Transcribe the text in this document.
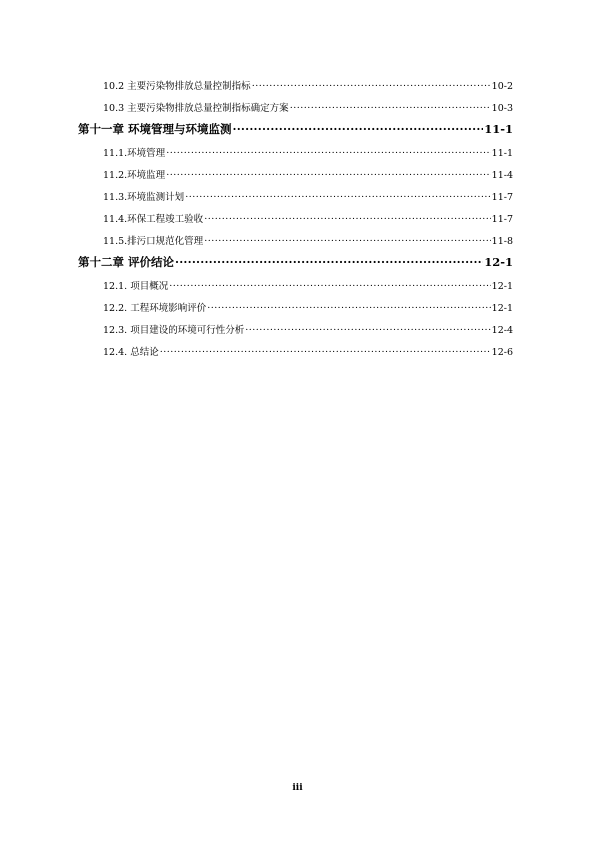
10.2 主要污染物排放总量控制指标 .....	10-2
10.3 主要污染物排放总量控制指标确定方案 .....	10-3
第十一章 环境管理与环境监测 .....	11-1
11.1.环境管理 .....	11-1
11.2.环境监理 .....	11-4
11.3.环境监测计划 .....	11-7
11.4.环保工程竣工验收 .....	11-7
11.5.排污口规范化管理 .....	11-8
第十二章 评价结论 .....	12-1
12.1. 项目概况 .....	12-1
12.2. 工程环境影响评价 .....	12-1
12.3. 项目建设的环境可行性分析 .....	12-4
12.4. 总结论 .....	12-6
iii
